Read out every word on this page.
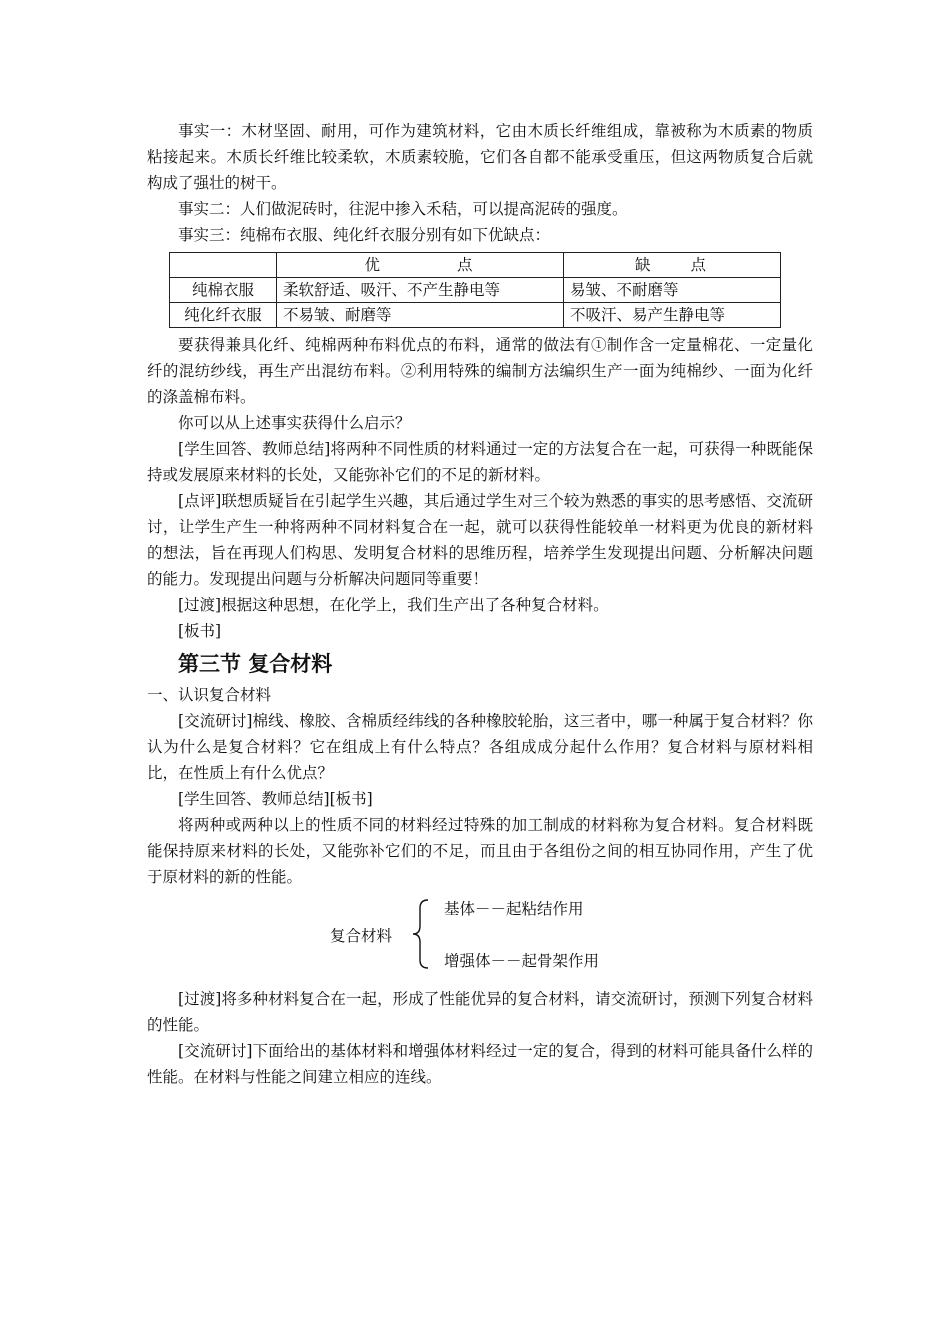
事实一：木材坚固、耐用，可作为建筑材料，它由木质长纤维组成，靠被称为木质素的物质粘接起来。木质长纤维比较柔软，木质素较脆，它们各自都不能承受重压，但这两物质复合后就构成了强壮的树干。

事实二：人们做泥砖时，往泥中掺入禾秸，可以提高泥砖的强度。

事实三：纯棉布衣服、纯化纤衣服分别有如下优缺点：

	优　　　　点	缺　　点
纯棉衣服	柔软舒适、吸汗、不产生静电等	易皱、不耐磨等
纯化纤衣服	不易皱、耐磨等	不吸汗、易产生静电等

要获得兼具化纤、纯棉两种布料优点的布料，通常的做法有①制作含一定量棉花、一定量化纤的混纺纱线，再生产出混纺布料。②利用特殊的编制方法编织生产一面为纯棉纱、一面为化纤的涤盖棉布料。

你可以从上述事实获得什么启示？

[学生回答、教师总结]将两种不同性质的材料通过一定的方法复合在一起，可获得一种既能保持或发展原来材料的长处，又能弥补它们的不足的新材料。

[点评]联想质疑旨在引起学生兴趣，其后通过学生对三个较为熟悉的事实的思考感悟、交流研讨，让学生产生一种将两种不同材料复合在一起，就可以获得性能较单一材料更为优良的新材料的想法，旨在再现人们构思、发明复合材料的思维历程，培养学生发现提出问题、分析解决问题的能力。发现提出问题与分析解决问题同等重要！

[过渡]根据这种思想，在化学上，我们生产出了各种复合材料。

[板书]

第三节 复合材料

一、认识复合材料

[交流研讨]棉线、橡胶、含棉质经纬线的各种橡胶轮胎，这三者中，哪一种属于复合材料？你认为什么是复合材料？它在组成上有什么特点？各组成成分起什么作用？复合材料与原材料相比，在性质上有什么优点？

[学生回答、教师总结][板书]

将两种或两种以上的性质不同的材料经过特殊的加工制成的材料称为复合材料。复合材料既能保持原来材料的长处，又能弥补它们的不足，而且由于各组份之间的相互协同作用，产生了优于原材料的新的性能。

复合材料
基体－－起粘结作用
增强体－－起骨架作用

[过渡]将多种材料复合在一起，形成了性能优异的复合材料，请交流研讨，预测下列复合材料的性能。

[交流研讨]下面给出的基体材料和增强体材料经过一定的复合，得到的材料可能具备什么样的性能。在材料与性能之间建立相应的连线。
